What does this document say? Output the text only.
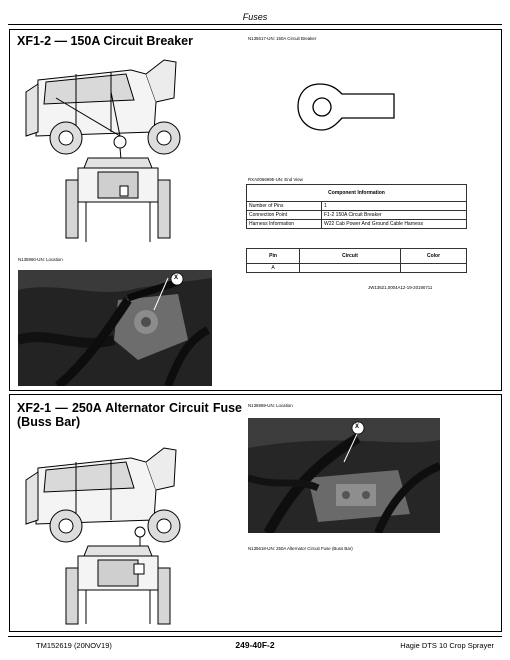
Fuses
XF1-2 — 150A Circuit Breaker	N135617-UN: 150A Circuit Breaker
RXA0066995-UN: End View
Component Information	
Number of Pins	1
Connection Point	F1-2 150A Circuit Breaker
Harness Information	W22 Cab Power And Ground Cable Harness
Pin	Circuit	Color
A		
JW13621,0004A12-19-20190711
N135960-UN: Location
X
XF2-1 — 250A Alternator Circuit Fuse (Buss Bar)
N135969-UN: Location
X
N135618-UN: 250A Alternator Circuit Fuse (Buss Bar)
TM152619 (20NOV19)	249-40F-2	Hagie DTS 10 Crop Sprayer
